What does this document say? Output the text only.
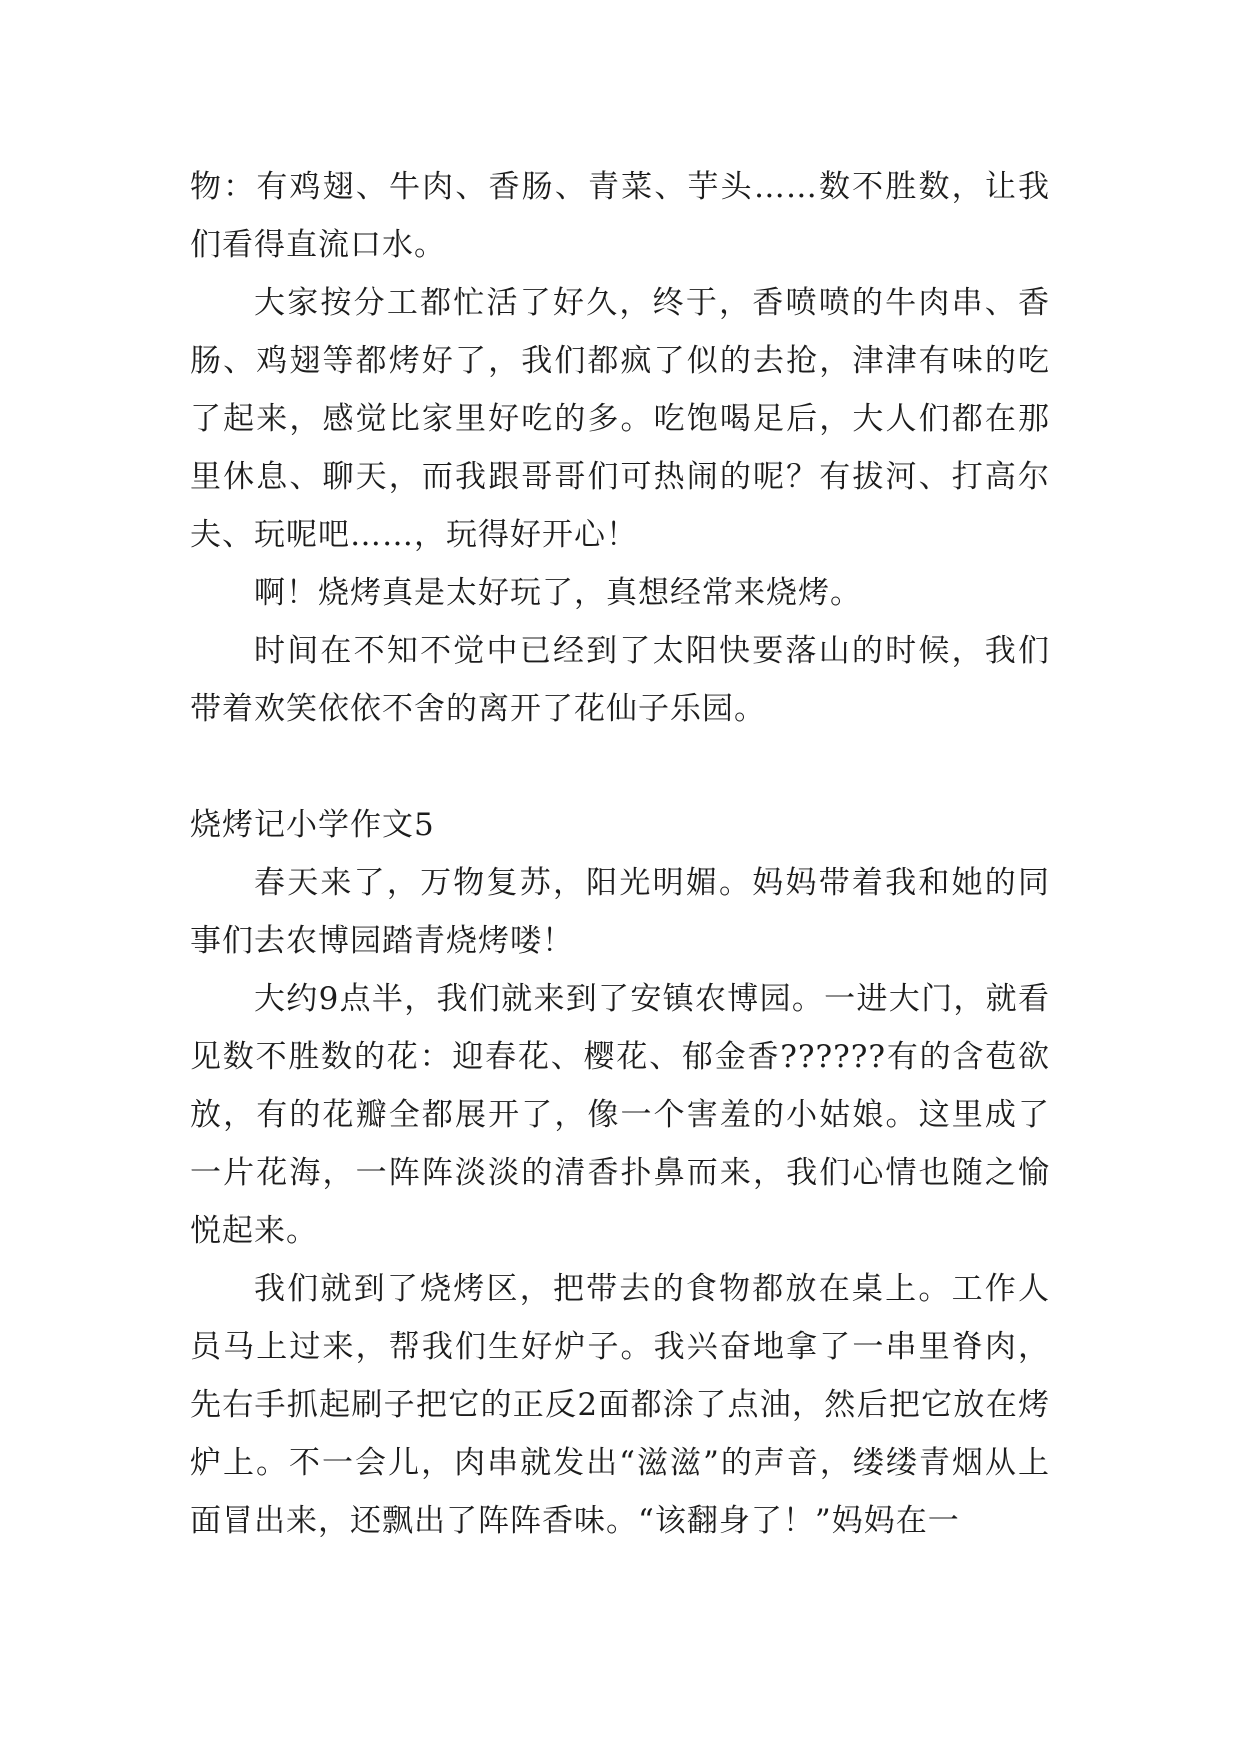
物：有鸡翅、牛肉、香肠、青菜、芋头……数不胜数，让我们看得直流口水。

大家按分工都忙活了好久，终于，香喷喷的牛肉串、香肠、鸡翅等都烤好了，我们都疯了似的去抢，津津有味的吃了起来，感觉比家里好吃的多。吃饱喝足后，大人们都在那里休息、聊天，而我跟哥哥们可热闹的呢？有拔河、打高尔夫、玩呢吧……，玩得好开心！

啊！烧烤真是太好玩了，真想经常来烧烤。

时间在不知不觉中已经到了太阳快要落山的时候，我们带着欢笑依依不舍的离开了花仙子乐园。

烧烤记小学作文5

春天来了，万物复苏，阳光明媚。妈妈带着我和她的同事们去农博园踏青烧烤喽！

大约9点半，我们就来到了安镇农博园。一进大门，就看见数不胜数的花：迎春花、樱花、郁金香??????有的含苞欲放，有的花瓣全都展开了，像一个害羞的小姑娘。这里成了一片花海，一阵阵淡淡的清香扑鼻而来，我们心情也随之愉悦起来。

我们就到了烧烤区，把带去的食物都放在桌上。工作人员马上过来，帮我们生好炉子。我兴奋地拿了一串里脊肉，先右手抓起刷子把它的正反2面都涂了点油，然后把它放在烤炉上。不一会儿，肉串就发出“滋滋”的声音，缕缕青烟从上面冒出来，还飘出了阵阵香味。“该翻身了！”妈妈在一
